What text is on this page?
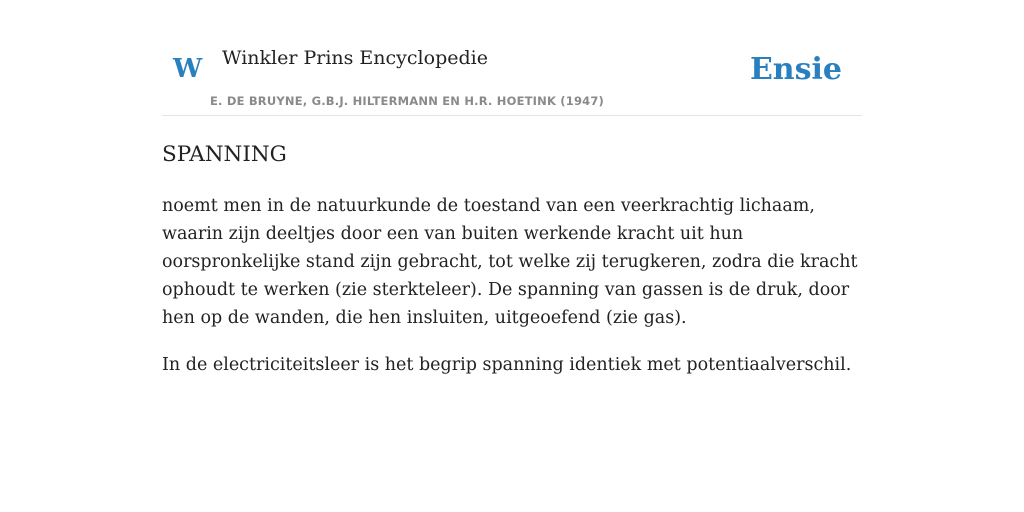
W Winkler Prins Encyclopedie
E. DE BRUYNE, G.B.J. HILTERMANN EN H.R. HOETINK (1947)
Ensie
SPANNING

noemt men in de natuurkunde de toestand van een veerkrachtig lichaam, waarin zijn deeltjes door een van buiten werkende kracht uit hun oorspronkelijke stand zijn gebracht, tot welke zij terugkeren, zodra die kracht ophoudt te werken (zie sterkteleer). De spanning van gassen is de druk, door hen op de wanden, die hen insluiten, uitgeoefend (zie gas).

In de electriciteitsleer is het begrip spanning identiek met potentiaalverschil.
